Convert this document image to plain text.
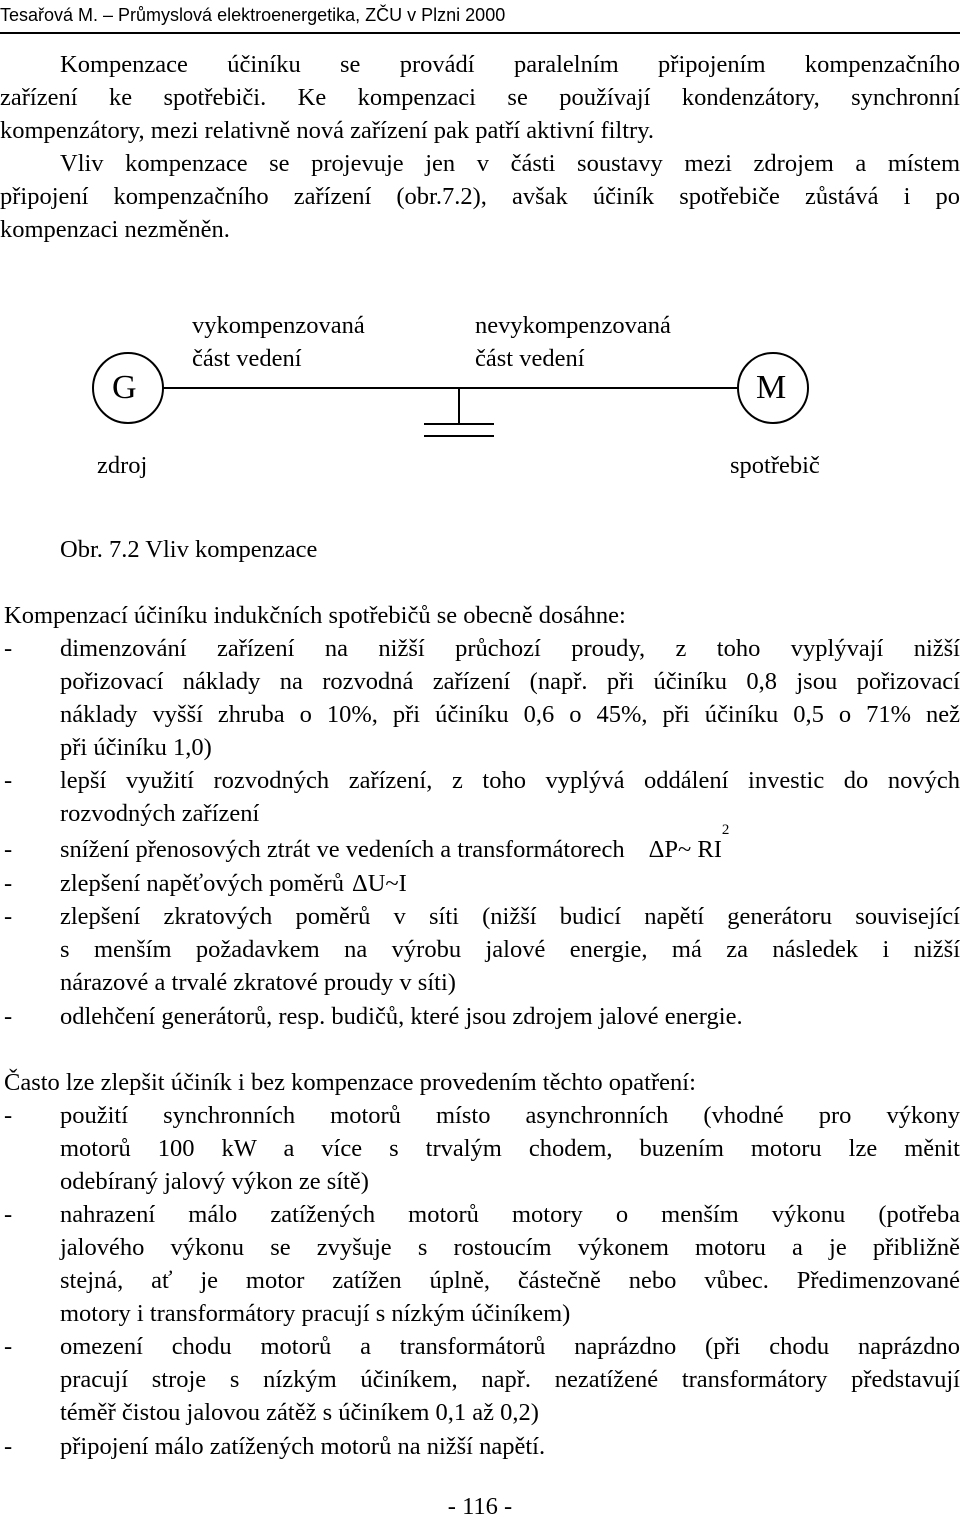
Tesařová M. – Průmyslová elektroenergetika, ZČU v Plzni 2000
Kompenzace účiníku se provádí paralelním připojením kompenzačního
zařízení ke spotřebiči. Ke kompenzaci se používají kondenzátory, synchronní
kompenzátory, mezi relativně nová zařízení pak patří aktivní filtry.
Vliv kompenzace se projevuje jen v části soustavy mezi zdrojem a místem
připojení kompenzačního zařízení (obr.7.2), avšak účiník spotřebiče zůstává i po
kompenzaci nezměněn.
G	M
vykompenzovaná
část vedení
nevykompenzovaná
část vedení
zdroj	spotřebič
Obr. 7.2 Vliv kompenzace
Kompenzací účiníku indukčních spotřebičů se obecně dosáhne:
- dimenzování zařízení na nižší průchozí proudy, z toho vyplývají nižší
pořizovací náklady na rozvodná zařízení (např. při účiníku 0,8 jsou pořizovací
náklady vyšší zhruba o 10%, při účiníku 0,6 o 45%, při účiníku 0,5 o 71% než
při účiníku 1,0)
- lepší využití rozvodných zařízení, z toho vyplývá oddálení investic do nových
rozvodných zařízení
- snížení přenosových ztrát ve vedeních a transformátorech ΔP~ $RI^2$
- zlepšení napěťových poměrů ΔU~I
- zlepšení zkratových poměrů v síti (nižší budicí napětí generátoru související
s menším požadavkem na výrobu jalové energie, má za následek i nižší
nárazové a trvalé zkratové proudy v síti)
- odlehčení generátorů, resp. budičů, které jsou zdrojem jalové energie.
Často lze zlepšit účiník i bez kompenzace provedením těchto opatření:
- použití synchronních motorů místo asynchronních (vhodné pro výkony
motorů 100 kW a více s trvalým chodem, buzením motoru lze měnit
odebíraný jalový výkon ze sítě)
- nahrazení málo zatížených motorů motory o menším výkonu (potřeba
jalového výkonu se zvyšuje s rostoucím výkonem motoru a je přibližně
stejná, ať je motor zatížen úplně, částečně nebo vůbec. Předimenzované
motory i transformátory pracují s nízkým účiníkem)
- omezení chodu motorů a transformátorů naprázdno (při chodu naprázdno
pracují stroje s nízkým účiníkem, např. nezatížené transformátory představují
téměř čistou jalovou zátěž s účiníkem 0,1 až 0,2)
- připojení málo zatížených motorů na nižší napětí.
- 116 -
